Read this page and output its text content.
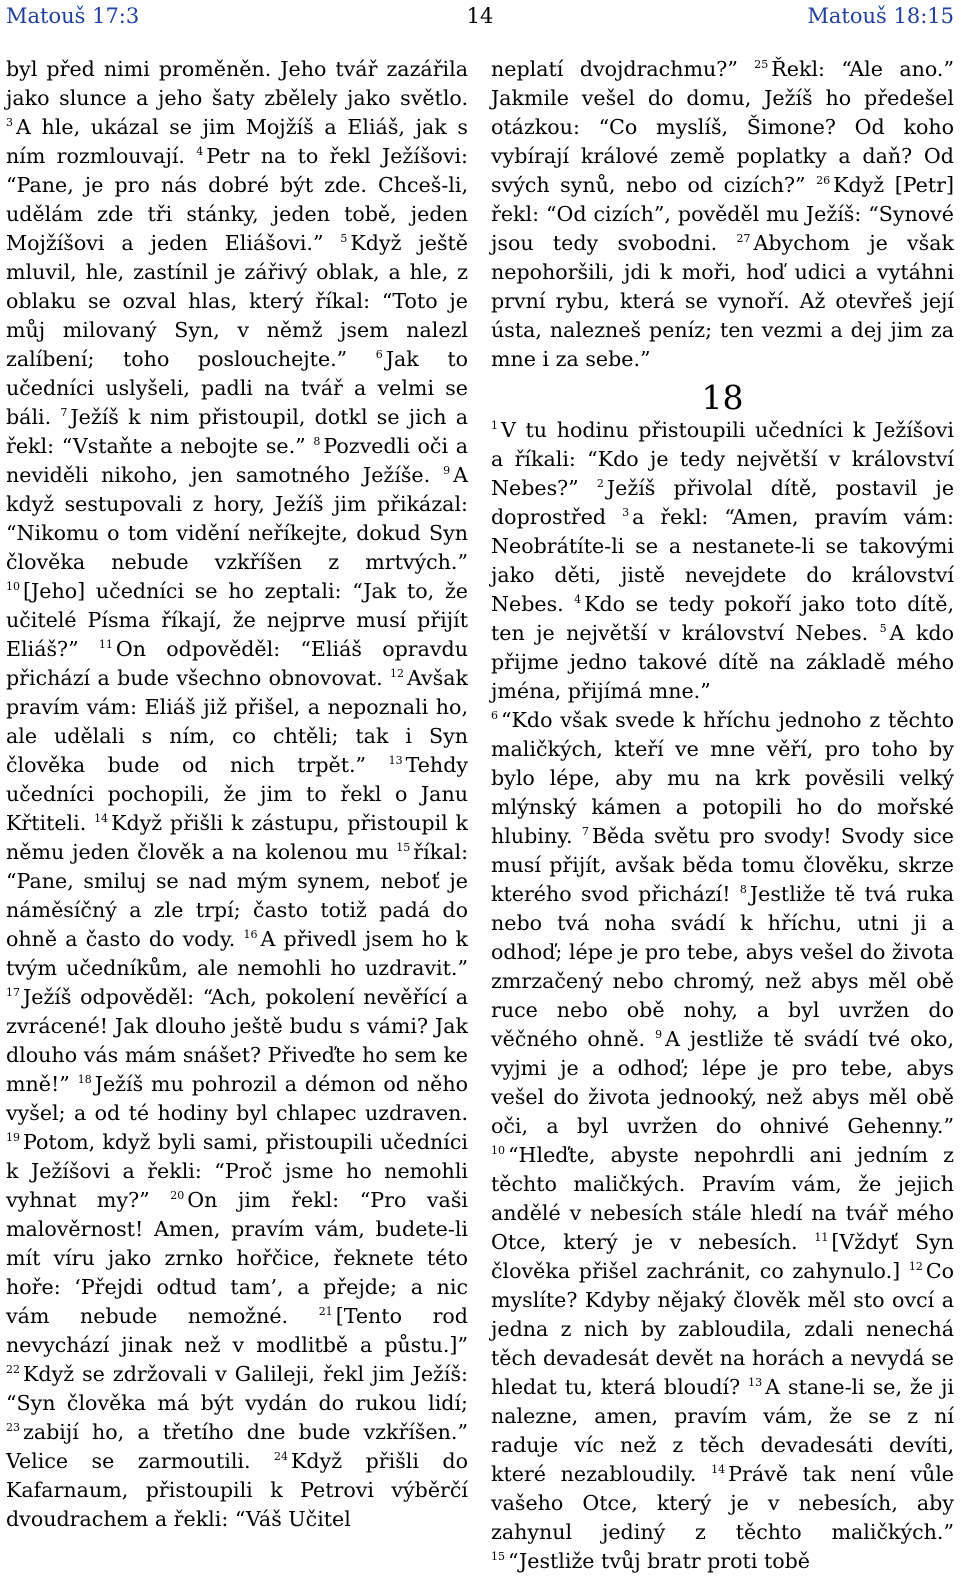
Matouš 17:3	14	Matouš 18:15

byl před nimi proměněn. Jeho tvář zazářila jako slunce a jeho šaty zbělely jako světlo. $^3$ A hle, ukázal se jim Mojžíš a Eliáš, jak s ním rozmlouvají. $^4$ Petr na to řekl Ježíšovi: “Pane, je pro nás dobré být zde. Chceš-li, udělám zde tři stánky, jeden tobě, jeden Mojžíšovi a jeden Eliášovi.” $^5$ Když ještě mluvil, hle, zastínil je zářivý oblak, a hle, z oblaku se ozval hlas, který říkal: “Toto je můj milovaný Syn, v němž jsem nalezl zalíbení; toho poslouchejte.”	$^6$ Jak to učedníci uslyšeli, padli na tvář a velmi se báli. $^7$ Ježíš k nim přistoupil, dotkl se jich a řekl: “Vstaňte a nebojte se.” $^8$ Pozvedli oči a neviděli nikoho, jen samotného Ježíše. $^9$ A když sestupovali z hory, Ježíš jim přikázal: “Nikomu o tom vidění neříkejte, dokud Syn člověka nebude vzkříšen z mrtvých.” $^{10}$ [Jeho] učedníci se ho zeptali: “Jak to, že učitelé Písma říkají, že nejprve musí přijít Eliáš?” $^{11}$ On odpověděl: “Eliáš opravdu přichází a bude všechno obnovovat. $^{12}$ Avšak pravím vám: Eliáš již přišel, a nepoznali ho, ale udělali s ním, co chtěli; tak i Syn člověka bude od nich trpět.” $^{13}$ Tehdy učedníci pochopili, že jim to řekl o Janu Křtiteli. $^{14}$ Když přišli k zástupu, přistoupil k němu jeden člověk a na kolenou mu $^{15}$ říkal: “Pane, smiluj se nad mým synem, neboť je náměsíčný a zle trpí; často totiž padá do ohně a často do vody. $^{16}$ A přivedl jsem ho k tvým učedníkům, ale nemohli ho uzdravit.” $^{17}$ Ježíš odpověděl: “Ach, pokolení nevěřící a zvrácené! Jak dlouho ještě budu s vámi? Jak dlouho vás mám snášet? Přiveďte ho sem ke mně!” $^{18}$ Ježíš mu pohrozil a démon od něho vyšel; a od té hodiny byl chlapec uzdraven. $^{19}$ Potom, když byli sami, přistoupili učedníci k Ježíšovi a řekli: “Proč jsme ho nemohli vyhnat my?” $^{20}$ On jim řekl: “Pro vaši malověrnost! Amen, pravím vám, budete-li mít víru jako zrnko hořčice, řeknete této hoře: ‘Přejdi odtud tam’, a přejde; a nic vám nebude nemožné.	$^{21}$ [Tento rod nevychází jinak než v modlitbě a půstu.]” $^{22}$ Když se zdržovali v Galileji, řekl jim Ježíš: “Syn člověka má být vydán do rukou lidí; $^{23}$ zabijí ho, a třetího dne bude vzkříšen.” Velice se zarmoutili. $^{24}$ Když přišli do Kafarnaum, přistoupili k Petrovi výběrčí dvoudrachem a řekli: “Váš Učitel

neplatí dvojdrachmu?” $^{25}$ Řekl: “Ale ano.” Jakmile vešel do domu, Ježíš ho předešel otázkou: “Co myslíš, Šimone? Od koho vybírají králové země poplatky a daň? Od svých synů, nebo od cizích?” $^{26}$ Když [Petr] řekl: “Od cizích”, pověděl mu Ježíš: “Synové jsou tedy svobodni. $^{27}$ Abychom je však nepohoršili, jdi k moři, hoď udici a vytáhni první rybu, která se vynoří. Až otevřeš její ústa, nalezneš peníz; ten vezmi a dej jim za mne i za sebe.”

18

$^1$ V tu hodinu přistoupili učedníci k Ježíšovi a říkali: “Kdo je tedy největší v království Nebes?” $^2$ Ježíš přivolal dítě, postavil je doprostřed $^3$ a řekl: “Amen, pravím vám: Neobrátíte-li se a nestanete-li se takovými jako děti, jistě nevejdete do království Nebes. $^4$ Kdo se tedy pokoří jako toto dítě, ten je největší v království Nebes. $^5$ A kdo přijme jedno takové dítě na základě mého jména, přijímá mne.”
$^6$ “Kdo však svede k hříchu jednoho z těchto maličkých, kteří ve mne věří, pro toho by bylo lépe, aby mu na krk pověsili velký mlýnský kámen a potopili ho do mořské hlubiny. $^7$ Běda světu pro svody! Svody sice musí přijít, avšak běda tomu člověku, skrze kterého svod přichází! $^8$ Jestliže tě tvá ruka nebo tvá noha svádí k hříchu, utni ji a odhoď; lépe je pro tebe, abys vešel do života zmrzačený nebo chromý, než abys měl obě ruce nebo obě nohy, a byl uvržen do věčného ohně. $^9$ A jestliže tě svádí tvé oko, vyjmi je a odhoď; lépe je pro tebe, abys vešel do života jednooký, než abys měl obě oči, a byl uvržen do ohnivé Gehenny.” $^{10}$ “Hleďte, abyste nepohrdli ani jedním z těchto maličkých. Pravím vám, že jejich andělé v nebesích stále hledí na tvář mého Otce, který je v nebesích. $^{11}$ [Vždyť Syn člověka přišel zachránit, co zahynulo.] $^{12}$ Co myslíte? Kdyby nějaký člověk měl sto ovcí a jedna z nich by zabloudila, zdali nenechá těch devadesát devět na horách a nevydá se hledat tu, která bloudí? $^{13}$ A stane-li se, že ji nalezne, amen, pravím vám, že se z ní raduje víc než z těch devadesáti devíti, které nezabloudily. $^{14}$ Právě tak není vůle vašeho Otce, který je v nebesích, aby zahynul jediný z těchto maličkých.” $^{15}$ “Jestliže tvůj bratr proti tobě
